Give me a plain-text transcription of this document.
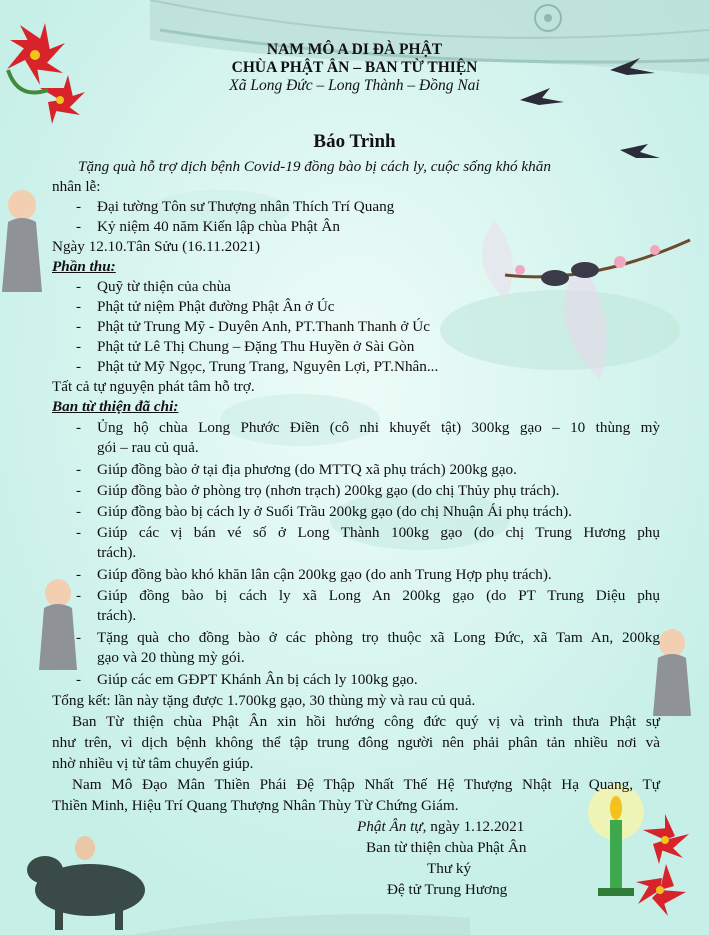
NAM MÔ A DI ĐÀ PHẬT
CHÙA PHẬT ÂN – BAN TỪ THIỆN
Xã Long Đức – Long Thành – Đồng Nai
Báo Trình
Tặng quà hỗ trợ dịch bệnh Covid-19 đồng bào bị cách ly, cuộc sống khó khăn
nhân lễ:
- Đại tường Tôn sư Thượng nhân Thích Trí Quang
- Kỷ niệm 40 năm Kiến lập chùa Phật Ân
Ngày 12.10.Tân Sửu (16.11.2021)
Phần thu:
- Quỹ từ thiện của chùa
- Phật tử niệm Phật đường Phật Ân ở Úc
- Phật tử Trung Mỹ - Duyên Anh, PT.Thanh Thanh ở Úc
- Phật tử Lê Thị Chung – Đặng Thu Huyền ở Sài Gòn
- Phật tử Mỹ Ngọc, Trung Trang, Nguyên Lợi, PT.Nhân...
Tất cả tự nguyện phát tâm hỗ trợ.
Ban từ thiện đã chi:
- Ủng hộ chùa Long Phước Điền (cô nhi khuyết tật) 300kg gạo – 10 thùng mỳ
gói – rau củ quả.
- Giúp đồng bào ở tại địa phương (do MTTQ xã phụ trách) 200kg gạo.
- Giúp đồng bào ở phòng trọ (nhơn trạch) 200kg gạo (do chị Thủy phụ trách).
- Giúp đồng bào bị cách ly ở Suối Trầu 200kg gạo (do chị Nhuận Ái phụ trách).
- Giúp các vị bán vé số ở Long Thành 100kg gạo (do chị Trung Hương phụ
trách).
- Giúp đồng bào khó khăn lân cận 200kg gạo (do anh Trung Hợp phụ trách).
- Giúp đồng bào bị cách ly xã Long An 200kg gạo (do PT Trung Diệu phụ
trách).
- Tặng quà cho đồng bào ở các phòng trọ thuộc xã Long Đức, xã Tam An, 200kg
gạo và 20 thùng mỳ gói.
- Giúp các em GĐPT Khánh Ân bị cách ly 100kg gạo.
Tổng kết: lần này tặng được 1.700kg gạo, 30 thùng mỳ và rau củ quả.
Ban Từ thiện chùa Phật Ân xin hồi hướng công đức quý vị và trình thưa Phật sự
như trên, vì dịch bệnh không thể tập trung đông người nên phải phân tản nhiều nơi và
nhờ nhiều vị từ tâm chuyển giúp.
Nam Mô Đạo Mân Thiền Phái Đệ Thập Nhất Thế Hệ Thượng Nhật Hạ Quang, Tự
Thiền Minh, Hiệu Trí Quang Thượng Nhân Thùy Từ Chứng Giám.
Phật Ân tự, ngày 1.12.2021
Ban từ thiện chùa Phật Ân
Thư ký
Đệ tử Trung Hương
